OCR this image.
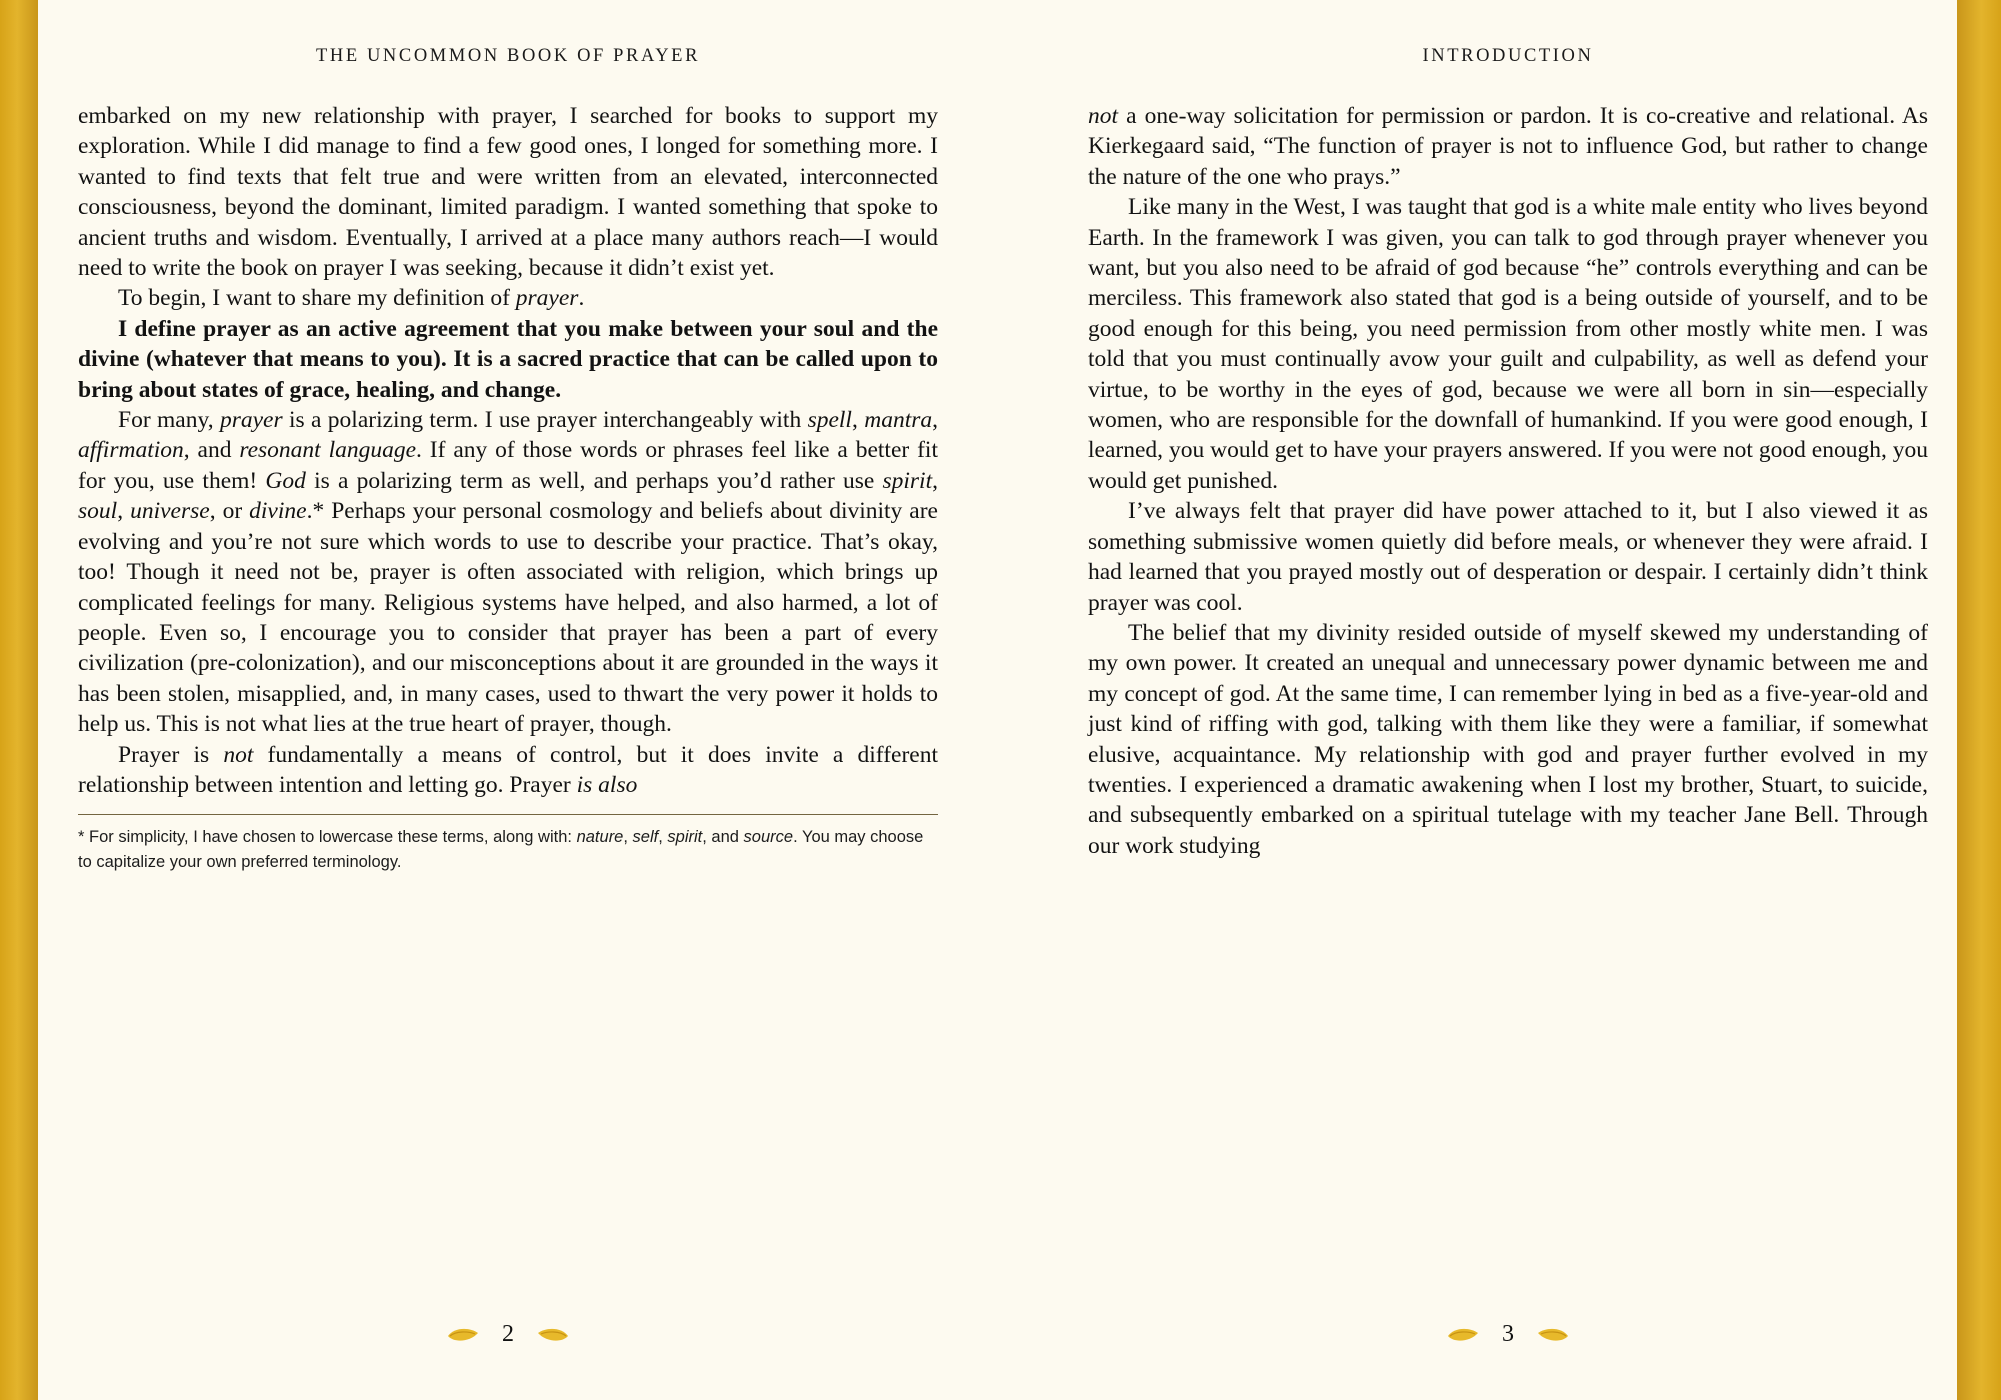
THE UNCOMMON BOOK OF PRAYER

embarked on my new relationship with prayer, I searched for books to support my exploration. While I did manage to find a few good ones, I longed for something more. I wanted to find texts that felt true and were written from an elevated, interconnected consciousness, beyond the dominant, limited paradigm. I wanted something that spoke to ancient truths and wisdom. Eventually, I arrived at a place many authors reach—I would need to write the book on prayer I was seeking, because it didn’t exist yet.

To begin, I want to share my definition of prayer.

I define prayer as an active agreement that you make between your soul and the divine (whatever that means to you). It is a sacred practice that can be called upon to bring about states of grace, healing, and change.

For many, prayer is a polarizing term. I use prayer interchangeably with spell, mantra, affirmation, and resonant language. If any of those words or phrases feel like a better fit for you, use them! God is a polarizing term as well, and perhaps you’d rather use spirit, soul, universe, or divine.* Perhaps your personal cosmology and beliefs about divinity are evolving and you’re not sure which words to use to describe your practice. That’s okay, too! Though it need not be, prayer is often associated with religion, which brings up complicated feelings for many. Religious systems have helped, and also harmed, a lot of people. Even so, I encourage you to consider that prayer has been a part of every civilization (pre-colonization), and our misconceptions about it are grounded in the ways it has been stolen, misapplied, and, in many cases, used to thwart the very power it holds to help us. This is not what lies at the true heart of prayer, though.

Prayer is not fundamentally a means of control, but it does invite a different relationship between intention and letting go. Prayer is also

* For simplicity, I have chosen to lowercase these terms, along with: nature, self, spirit, and source. You may choose to capitalize your own preferred terminology.
2
INTRODUCTION

not a one-way solicitation for permission or pardon. It is co-creative and relational. As Kierkegaard said, “The function of prayer is not to influence God, but rather to change the nature of the one who prays.”

Like many in the West, I was taught that god is a white male entity who lives beyond Earth. In the framework I was given, you can talk to god through prayer whenever you want, but you also need to be afraid of god because “he” controls everything and can be merciless. This framework also stated that god is a being outside of yourself, and to be good enough for this being, you need permission from other mostly white men. I was told that you must continually avow your guilt and culpability, as well as defend your virtue, to be worthy in the eyes of god, because we were all born in sin—especially women, who are responsible for the downfall of humankind. If you were good enough, I learned, you would get to have your prayers answered. If you were not good enough, you would get punished.

I’ve always felt that prayer did have power attached to it, but I also viewed it as something submissive women quietly did before meals, or whenever they were afraid. I had learned that you prayed mostly out of desperation or despair. I certainly didn’t think prayer was cool.

The belief that my divinity resided outside of myself skewed my understanding of my own power. It created an unequal and unnecessary power dynamic between me and my concept of god. At the same time, I can remember lying in bed as a five-year-old and just kind of riffing with god, talking with them like they were a familiar, if somewhat elusive, acquaintance. My relationship with god and prayer further evolved in my twenties. I experienced a dramatic awakening when I lost my brother, Stuart, to suicide, and subsequently embarked on a spiritual tutelage with my teacher Jane Bell. Through our work studying

3
